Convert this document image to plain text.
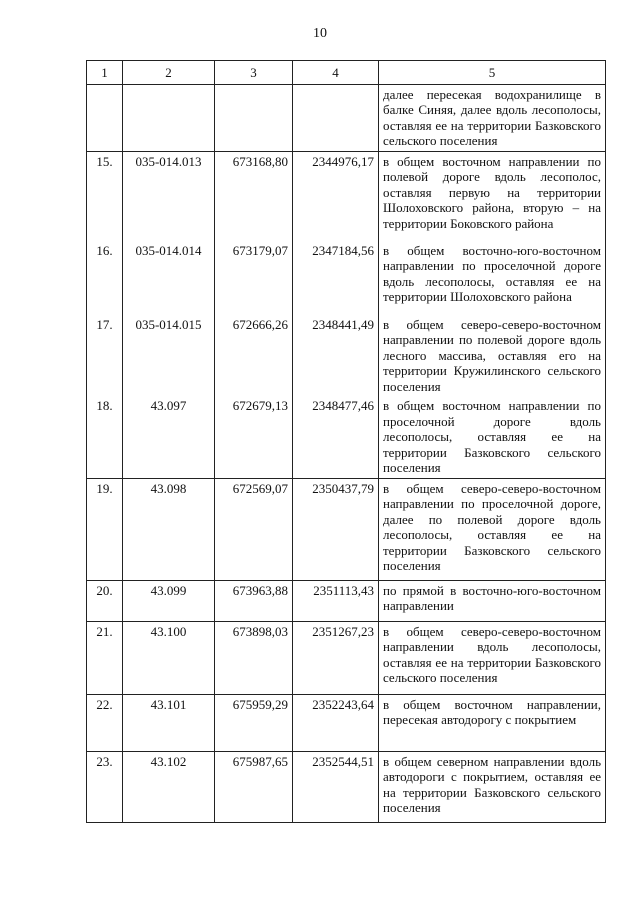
10
1	2	3	4	5
				далее пересекая водохранилище в балке Синяя, далее вдоль лесополосы, оставляя ее на территории Базковского сельского поселения
15.	035-014.013	673168,80	2344976,17	в общем восточном направлении по полевой дороге вдоль лесополос, оставляя первую на территории Шолоховского района, вторую – на территории Боковского района
16.	035-014.014	673179,07	2347184,56	в общем восточно-юго-восточном направлении по проселочной дороге вдоль лесополосы, оставляя ее на территории Шолоховского района
17.	035-014.015	672666,26	2348441,49	в общем северо-северо-восточном направлении по полевой дороге вдоль лесного массива, оставляя его на территории Кружилинского сельского поселения
18.	43.097	672679,13	2348477,46	в общем восточном направлении по проселочной дороге вдоль лесополосы, оставляя ее на территории Базковского сельского поселения
19.	43.098	672569,07	2350437,79	в общем северо-северо-восточном направлении по проселочной дороге, далее по полевой дороге вдоль лесополосы, оставляя ее на территории Базковского сельского поселения
20.	43.099	673963,88	2351113,43	по прямой в восточно-юго-восточном направлении
21.	43.100	673898,03	2351267,23	в общем северо-северо-восточном направлении вдоль лесополосы, оставляя ее на территории Базковского сельского поселения
22.	43.101	675959,29	2352243,64	в общем восточном направлении, пересекая автодорогу с покрытием
23.	43.102	675987,65	2352544,51	в общем северном направлении вдоль автодороги с покрытием, оставляя ее на территории Базковского сельского поселения
